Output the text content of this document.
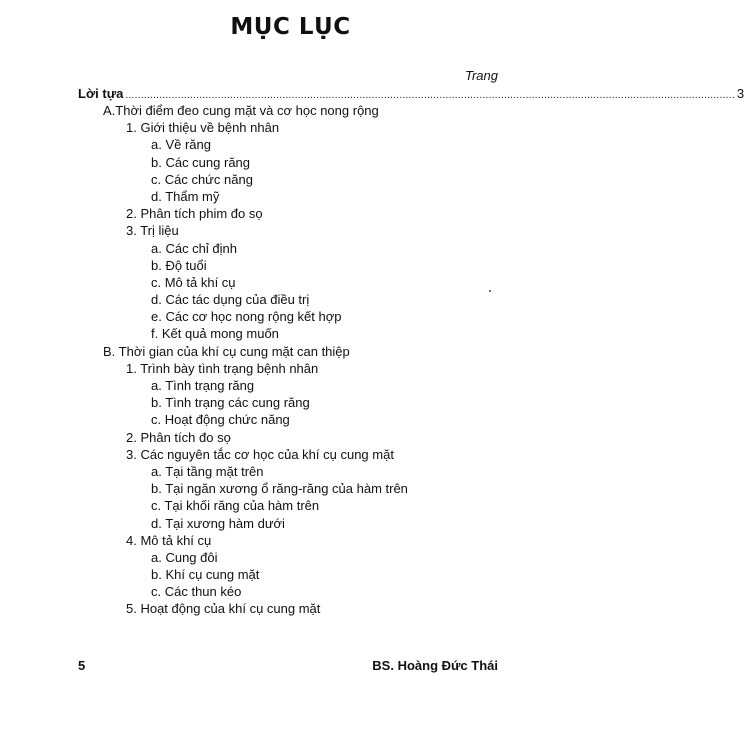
MỤC LỤC
Trang
Lời tựa ...................................................................................................................................................................................................... 3
A.Thời điểm đeo cung mặt và cơ học nong rộng
1. Giới thiệu về bệnh nhân
a. Về răng
b. Các cung răng
c. Các chức năng
d. Thẩm mỹ
2. Phân tích phim đo sọ
3. Trị liệu
a. Các chỉ định
b. Độ tuổi
c. Mô tả khí cụ
d. Các tác dụng của điều trị
e. Các cơ học nong rộng kết hợp
f. Kết quả mong muốn
B. Thời gian của khí cụ cung mặt can thiệp
1. Trình bày tình trạng bệnh nhân
a. Tình trạng răng
b. Tình trạng các cung răng
c. Hoạt động chức năng
2. Phân tích đo sọ
3. Các nguyên tắc cơ học của khí cụ cung mặt
a. Tại tầng mặt trên
b. Tại ngăn xương ổ răng-răng của hàm trên
c. Tại khối răng của hàm trên
d. Tại xương hàm dưới
4. Mô tả khí cụ
a. Cung đôi
b. Khí cụ cung mặt
c. Các thun kéo
5. Hoạt động của khí cụ cung mặt
5	BS. Hoàng Đức Thái
